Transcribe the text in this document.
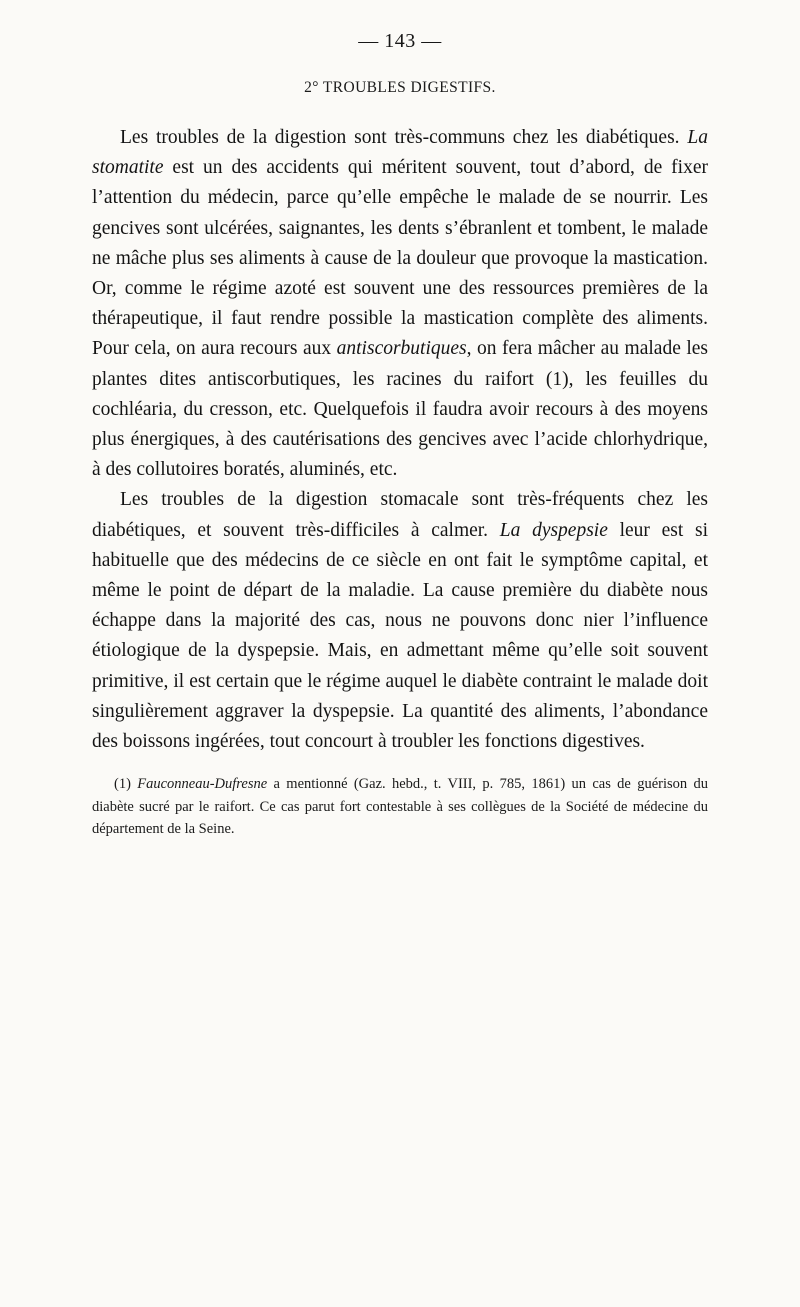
— 143 —
2° TROUBLES DIGESTIFS.

Les troubles de la digestion sont très-communs chez les diabétiques. La stomatite est un des accidents qui méritent souvent, tout d’abord, de fixer l’attention du médecin, parce qu’elle empêche le malade de se nourrir. Les gencives sont ulcérées, saignantes, les dents s’ébranlent et tombent, le malade ne mâche plus ses aliments à cause de la douleur que provoque la mastication. Or, comme le régime azoté est souvent une des ressources premières de la thérapeutique, il faut rendre possible la mastication complète des aliments. Pour cela, on aura recours aux antiscorbutiques, on fera mâcher au malade les plantes dites antiscorbutiques, les racines du raifort (1), les feuilles du cochléaria, du cresson, etc. Quelquefois il faudra avoir recours à des moyens plus énergiques, à des cautérisations des gencives avec l’acide chlorhydrique, à des collutoires boratés, aluminés, etc.

Les troubles de la digestion stomacale sont très-fréquents chez les diabétiques, et souvent très-difficiles à calmer. La dyspepsie leur est si habituelle que des médecins de ce siècle en ont fait le symptôme capital, et même le point de départ de la maladie. La cause première du diabète nous échappe dans la majorité des cas, nous ne pouvons donc nier l’influence étiologique de la dyspepsie. Mais, en admettant même qu’elle soit souvent primitive, il est certain que le régime auquel le diabète contraint le malade doit singulièrement aggraver la dyspepsie. La quantité des aliments, l’abondance des boissons ingérées, tout concourt à troubler les fonctions digestives.

(1) Fauconneau-Dufresne a mentionné (Gaz. hebd., t. VIII, p. 785, 1861) un cas de guérison du diabète sucré par le raifort. Ce cas parut fort contestable à ses collègues de la Société de médecine du département de la Seine.
